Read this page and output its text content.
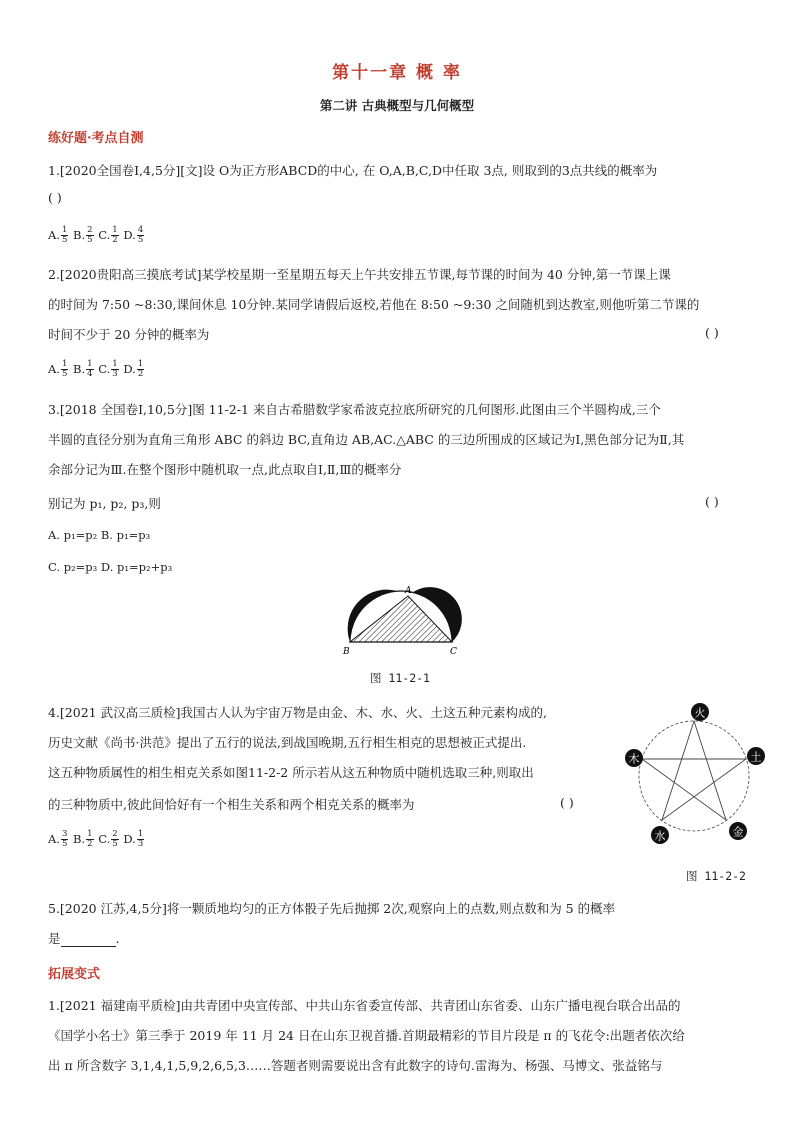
第十一章 概 率
第二讲 古典概型与几何概型
练好题·考点自测
1.[2020全国卷Ⅰ,4,5分][文]设 O为正方形ABCD的中心, 在 O,A,B,C,D中任取 3点, 则取到的3点共线的概率为
( )
A. $\frac{1}{5} B$. $\frac{2}{5} C$. $\frac{1}{2} D$. $\frac{4}{5}$
2.[2020贵阳高三摸底考试]某学校星期一至星期五每天上午共安排五节课,每节课的时间为 40 分钟,第一节课上课
的时间为 7:50 ~8:30,课间休息 10分钟.某同学请假后返校,若他在 8:50 ~9:30 之间随机到达教室,则他听第二节课的
时间不少于 20 分钟的概率为	( )
A. $\frac{1}{5} B$. $\frac{1}{4} C$. $\frac{1}{3} D$. $\frac{1}{2}$
3.[2018 全国卷Ⅰ,10,5分]图 11-2-1 来自古希腊数学家希波克拉底所研究的几何图形.此图由三个半圆构成,三个
半圆的直径分别为直角三角形 ABC 的斜边 BC,直角边 AB,AC.△ABC 的三边所围成的区域记为Ⅰ,黑色部分记为Ⅱ,其
余部分记为Ⅲ.在整个图形中随机取一点,此点取自Ⅰ,Ⅱ,Ⅲ的概率分
别记为 p₁, p₂, p₃,则	( )
A. p₁=p₂ B. p₁=p₃
C. p₂=p₃ D. p₁=p₂+p₃
A
B	C
图 11-2-1
4.[2021 武汉高三质检]我国古人认为宇宙万物是由金、木、水、火、土这五种元素构成的,
历史文献《尚书·洪范》提出了五行的说法,到战国晚期,五行相生相克的思想被正式提出.
这五种物质属性的相生相克关系如图11-2-2 所示若从这五种物质中随机选取三种,则取出
的三种物质中,彼此间恰好有一个相生关系和两个相克关系的概率为	( )
A. $\frac{3}{5} B$. $\frac{1}{2} C$. $\frac{2}{5} D$. $\frac{1}{3}$
火
土
金
水
木
图 11-2-2
5.[2020 江苏,4,5分]将一颗质地均匀的正方体骰子先后抛掷 2次,观察向上的点数,则点数和为 5 的概率
是	.
拓展变式
1.[2021 福建南平质检]由共青团中央宣传部、中共山东省委宣传部、共青团山东省委、山东广播电视台联合出品的
《国学小名士》第三季于 2019 年 11 月 24 日在山东卫视首播.首期最精彩的节目片段是 π 的飞花令:出题者依次给
出 π 所含数字 3,1,4,1,5,9,2,6,5,3……答题者则需要说出含有此数字的诗句.雷海为、杨强、马博文、张益铭与
